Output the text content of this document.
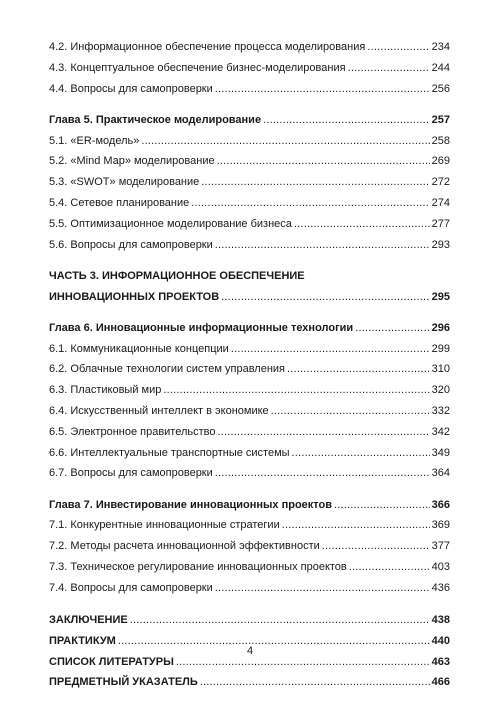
4.2. Информационное обеспечение процесса моделирования .....	234
4.3. Концептуальное обеспечение бизнес-моделирования .....	244
4.4. Вопросы для самопроверки .....	256
Глава 5. Практическое моделирование .....	257
5.1. «ER-модель» .....	258
5.2. «Mind Map» моделирование .....	269
5.3. «SWOT» моделирование .....	272
5.4. Сетевое планирование .....	274
5.5. Оптимизационное моделирование бизнеса .....	277
5.6. Вопросы для самопроверки .....	293
ЧАСТЬ 3. ИНФОРМАЦИОННОЕ ОБЕСПЕЧЕНИЕ
ИННОВАЦИОННЫХ ПРОЕКТОВ .....	295
Глава 6. Инновационные информационные технологии .....	296
6.1. Коммуникационные концепции .....	299
6.2. Облачные технологии систем управления .....	310
6.3. Пластиковый мир .....	320
6.4. Искусственный интеллект в экономике .....	332
6.5. Электронное правительство .....	342
6.6. Интеллектуальные транспортные системы .....	349
6.7. Вопросы для самопроверки .....	364
Глава 7. Инвестирование инновационных проектов .....	366
7.1. Конкурентные инновационные стратегии .....	369
7.2. Методы расчета инновационной эффективности .....	377
7.3. Техническое регулирование инновационных проектов .....	403
7.4. Вопросы для самопроверки .....	436
ЗАКЛЮЧЕНИЕ .....	438
ПРАКТИКУМ .....	440
СПИСОК ЛИТЕРАТУРЫ .....	463
ПРЕДМЕТНЫЙ УКАЗАТЕЛЬ .....	466
4
